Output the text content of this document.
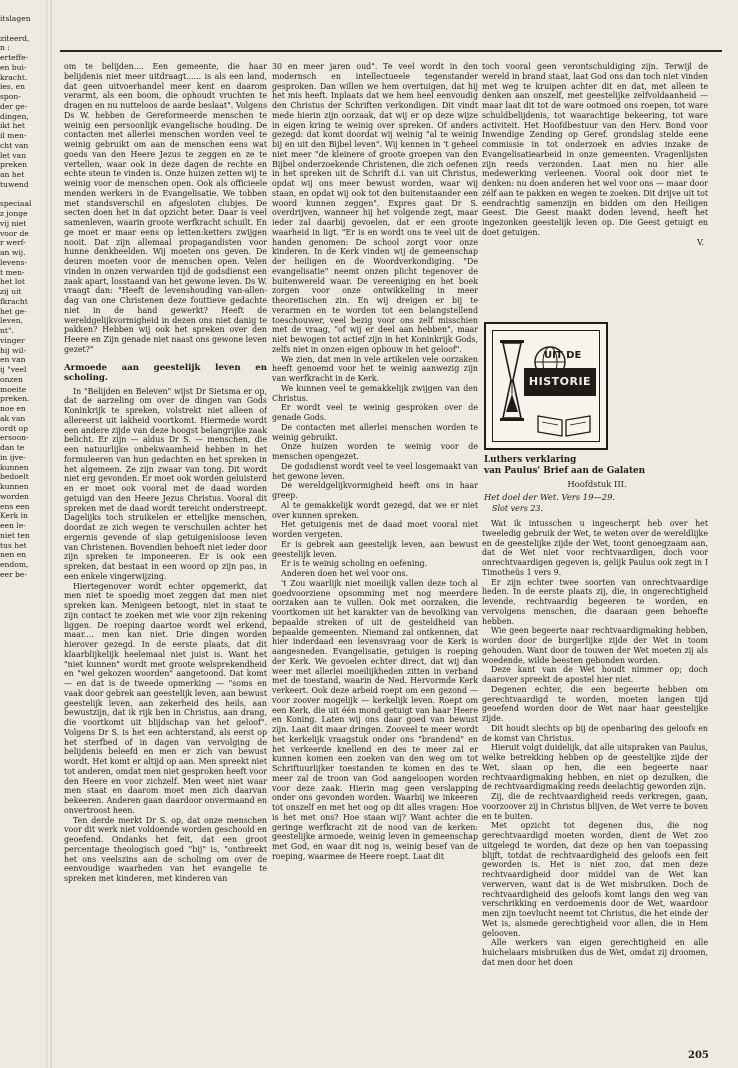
itslagen

ziteerd,
n :
erteffe-
en bui-
kracht.
ies, en
spon-
der ge-
dingen,
ikt het
il men-
cht van
let van
preken
an het
tuwend

speciaal
z jonge
vij niet
voor de
r werf-
an wij.
levens-
t men-
het lot
zij uit
fkracht
het ge-
leven,
nt".
vinger
hij wil-
en van
ij "veel
onzen
moeite
preken.
noe en
ak van
ordt op
ersoon-
dan te
in ijve-
kunnen
bedoelt
kunnen
worden
ens een
Kerk in
een le-
niet ten
tus het
nen en
endom,
eer be-

om te belijden.... Een gemeente, die haar belijdenis niet meer uitdraagt...... is als een land, dat geen uitvoerhandel meer kent en daarom verarmt, als een boom, die ophoudt vruchten te dragen en nu nutteloos de aarde beslaat". Volgens Ds W. hebben de Gereformeerde menschen te weinig een persoonlijk evangelische houding. De contacten met allerlei menschen worden veel te weinig gebruikt om aan de menschen eens wat goeds van den Heere Jezus te zeggen en ze te vertellen, waar ook in deze dagen de rechte en echte steun te vinden is. Onze huizen zetten wij te weinig voor de menschen open. Ook als officieele menden werkers in de Evangelisatie. We tobben met standsverschil en afgesloten clubjes. De secten doen het in dat opzicht beter. Daar is veel samenleven, waarin groote werfkracht schuilt. En ge moet er maar eens op letten:ketters zwijgen nooit. Dat zijn allemaal propagandisten voor hunne denkbeelden. Wij moeten ons geven. De deuren moeten voor de menschen open. Velen vinden in onzen verwarden tijd de godsdienst een zaak apart, losstaand van het gewone leven. Ds W. vraagt dan: "Heeft de levenshouding van-allen-dag van one Christenen deze fouttieve gedachte niet in de hand gewerkt? Heeft de wereldgelijkvormigheid in dezen ons niet danig te pakken? Hebben wij ook het spreken over den Heere en Zijn genade niet naast ons gewone leven gezet?"

Armoede aan geestelijk leven en scholing.

In "Belijden en Beleven" wijst Dr Sietsma er op, dat de aarzeling om over de dingen van Gods Koninkrijk te spreken, volstrekt niet alleen of allereerst uit lakheid voortkomt. Hiermede wordt een andere zijde van deze hoogst belangrijke zaak belicht. Er zijn — aldus Dr S. — menschen, die een natuurlijke onbekwaamheid hebben in het formuleeren van hun gedachten en het spreken in het algemeen. Ze zijn zwaar van tong. Dit wordt niet erg gevonden. Er moet ook worden geluisterd en er moet ook vooral met de daad worden getuigd van den Heere Jezus Christus. Vooral dit spreken met de daad wordt tereicht onderstreept. Dagelijks toch struikelen er ettelijke menschen, doordat ze zich wegen te verschuilen achter het ergernis gevende of slap getuigenisloose leven van Christenen. Bovendien behoeft niet ieder door zijn spreken te imponeeren. Er is ook een spreken, dat bestaat in een woord op zijn pas, in een enkele vingerwijzing.

Hiertegenover wordt echter opgemerkt, dat men niet te spoedig moet zeggen dat men niet spreken kan. Menigeen betoogt, niet in staat te zijn contact te zoeken met wie voor zijn rekening liggen. De roeping daartoe wordt wel erkend, maar.... men kan niet. Drie dingen worden hierover gezegd. In de eerste plaats, dat dit klaarblijkelijk heelemaal niet juist is. Want het "niet kunnen" wordt met groote welsprekendheid en "wel gekozen woorden" aangetoond. Dat komt — en dat is de tweede opmerking — "soms en vaak door gebrek aan geestelijk leven, aan bewust geestelijk leven, aan zekerheid des heils, aan bewustzijn, dat ik rijk ben in Christus, aan drang, die voortkomt uit blijdschap van het geloof". Volgens Dr S. is het een achterstand, als eerst op het sterfbed of in dagen van vervolging de belijdenis beleefd en men er zich van bewust wordt. Het komt er altijd op aan. Men spreekt niet tot anderen, omdat men niet gesproken heeft voor den Heere en voor zichzelf. Men weet niet waar men staat en daarom moet men zich daarvan bekeeren. Anderen gaan daardoor onvermaand en onvertroost heen.

Ten derde merkt Dr S. op, dat onze menschen voor dit werk niet voldoende worden geschoold en geoefend. Ondanks het feit, dat een groot percentage theologisch goed "bij" is, "ontbreekt het ons veelszins aan de scholing om over de eenvoudige waarheden van het evangelie te spreken met kinderen, met kinderen van

30 en meer jaren oud". Te veel wordt in den modernsch en intellectueele tegenstander gesproken. Dan willen we hem overtuigen, dat hij het mis heeft. Inplaats dat we hem heel eenvoudig den Christus der Schriften verkondigen. Dit vindt mede hierin zijn oorzaak, dat wij er op deze wijze in eigen kring te weinig over spreken. Of anders gezegd: dat komt doordat wij weinig "al te weinig bij en uit den Bijbel leven". Wij kennen in 't geheel niet meer "de kleinere of groote groepen van den Bijbel onderzoekende Christenen, die zich oefenen in het spreken uit de Schrift d.i. van uit Christus, opdat wij ons meer bewust worden, waar wij staan, en opdat wij ook tot den buitenstaander een woord kunnen zeggen". Expres gaat Dr S. overdrijven, wanneer hij het volgende zegt, maar ieder zal daarbij gevoelen, dat er een groote waarheid in ligt. "Er is en wordt ons te veel uit de handen genomen: De school zorgt voor onze kinderen. In de Kerk vinden wij de gemeenschap der heiligen en de Woordverkondiging. "De evangelisatie" neemt onzen plicht tegenover de buitenwereld waar. De vereeniging en het boek zorgen voor onze ontwikkeling in meer theoretischen zin. En wij dreigen er bij te verarmen en te worden tot een belangstellend toeschouwer, veel bezig voor ons zelf misschien met de vraag, "of wij er deel aan hebben", maar niet bewogen tot actief zijn in het Koninkrijk Gods, zelfs niet in onzen eigen opbouw in het geloof".

We zien, dat men in vele artikelen vele oorzaken heeft genoemd voor het te weinig aanwezig zijn van werfkracht in de Kerk.

We kunnen veel te gemakkelijk zwijgen van den Christus.

Er wordt veel te weinig gesproken over de genade Gods.

De contacten met allerlei menschen worden te weinig gebruikt.

Onze huizen worden te weinig voor de menschen opengezet.

De godsdienst wordt veel te veel losgemaakt van het gewone leven.

De wereldgelijkvormigheid heeft ons in haar greep.

Al te gemakkelijk wordt gezegd, dat we er niet over kunnen spreken.

Het getuigenis met de daad moet vooral niet worden vergeten.

Er is gebrek aan geestelijk leven, aan bewust geestelijk leven.

Er is te weinig scholing en oefening.

Anderen doen het wel voor ons.

't Zou waarlijk niet moeilijk vallen deze toch al goedvoorziene opsomming met nog meerdere oorzaken aan te vullen. Ook met oorzaken, die voortkomen uit het karakter van de bevolking van bepaalde streken of uit de gesteldheid van bepaalde gemeenten. Niemand zal ontkennen, dat hier inderdaad een levensvraag voor de Kerk is aangesneden. Evangelisatie, getuigen is roeping der Kerk. We gevoelen echter direct, dat wij dan weer met allerlei moeilijkheden zitten in verband met de toestand, waarin de Ned. Hervormde Kerk verkeert. Ook deze arbeid roept om een gezond — voor zoover mogelijk — kerkelijk leven. Roept om een Kerk, die uit één mond getuigt van haar Heere en Koning. Laten wij ons daar goed van bewust zijn. Laat dit maar dringen. Zooveel te meer wordt het kerkelijk vraagstuk onder ons "brandend" en het verkeerde knellend en des te meer zal er kunnen komen een zoeken van den weg om tot Schriftuurlijker toestanden te komen en des te meer zal de troon van God aangeloopen worden voor deze zaak. Hierin mag geen verslapping onder ons gevonden worden. Waarbij we inkeeren tot onszelf en met het oog op dit alles vragen: Hoe is het met ons? Hoe staan wij? Want achter die geringe werfkracht zit de nood van de kerken: geestelijke armoede, weinig leven in gemeenschap met God, en waar dit nog is, weinig besef van de roeping, waarmee de Heere roept. Laat dit

toch vooral geen verontschuldiging zijn. Terwijl de wereld in brand staat, laat God ons dan toch niet vinden met weg te kruipen achter dit en dat, met alleen te denken aan onszelf, met geestelijke zelfvoldaanheid — maar laat dit tot de ware ootmoed ons roepen, tot ware schuldbelijdenis, tot waarachtige bekeering, tot ware activiteit. Het Hoofdbestuur van den Herv. Bond voor Inwendige Zending op Geref. grondslag stelde eene commissie in tot onderzoek en advies inzake de Evangelisatiearbeid in onze gemeenten. Vragenlijsten zijn reeds verzonden. Laat men nu hier alle medewerking verleenen. Vooral ook door niet te denken: nu doen anderen het wel voor ons — maar door zélf aan te pakken en wegen te zoeken. Dit drijve uit tot eendrachtig samenzijn en bidden om den Heiligen Geest. Die Geest maakt doden levend, heeft het ingezonken geestelijk leven op. Die Geest getuigt en doet getuigen.

V.
UIT DE
HISTORIE
Luthers verklaring
van Paulus' Brief aan de Galaten
Hoofdstuk III.
Het doel der Wet. Vers 19—29.
Slot vers 23.

Wat ik intusschen u ingescherpt heb over het tweeledig gebruik der Wet, te weten over de wereldlijke en de geestelijke zijde der Wet, toont genoegzaam aan, dat de Wet niet voor rechtvaardigen, doch voor onrechtvaardigen gegeven is, gelijk Paulus ook zegt in I Timotheüs 1 vers 9.

Er zijn echter twee soorten van onrechtvaardige lieden. In de eerste plaats zij, die, in ongerechtigheid levende, rechtvaardig begeeren te worden, en vervolgens menschen, die daaraan geen behoefte hebben.

Wie geen begeerte naar rechtvaardigmaking hebben, worden door de burgerlijke zijde der Wet in toom gehouden. Want door de touwen der Wet moeten zij als woedende, wilde beesten gebonden worden.

Deze kant van de Wet houdt nimmer op; doch daarover spreekt de apostel hier niet.

Degenen echter, die een begeerte hebben om gerechtvaardigd te worden, moeten langen tijd geoefend worden door de Wet naar haar geestelijke zijde.

Dit houdt slechts op bij de openbaring des geloofs en de komst van Christus.

Hieruit volgt duidelijk, dat alle uitspraken van Paulus, welke betrekking hebben op de geestelijke zijde der Wet, slaan op hen, die een begeerte naar rechtvaardigmaking hebben, en niet op dezulken, die de rechtvaardigmaking reeds deelachtig geworden zijn.

Zij, die de rechtvaardigheid reeds verkregen, gaan, voorzoover zij in Christus blijven, de Wet verre te boven en te buiten.

Met opzicht tot degenen dus, die nog gerechtvaardigd moeten worden, dient de Wet zoo uitgelegd te worden, dat deze op hen van toepassing blijft, totdat de rechtvaardigheid des geloofs een feit geworden is. Het is niet zoo, dat men deze rechtvaardigheid door middel van de Wet kan verwerven, want dat is de Wet misbruiken. Doch de rechtvaardigheid des geloofs komt langs den weg van verschrikking en verdoemenis door de Wet, waardoor men zijn toevlucht neemt tot Christus, die het einde der Wet is, alsmede gerechtigheid voor allen, die in Hem gelooven.

Alle werkers van eigen gerechtigheid en alle huichelaars misbruiken dus de Wet, omdat zij droomen, dat men door het doen

205
